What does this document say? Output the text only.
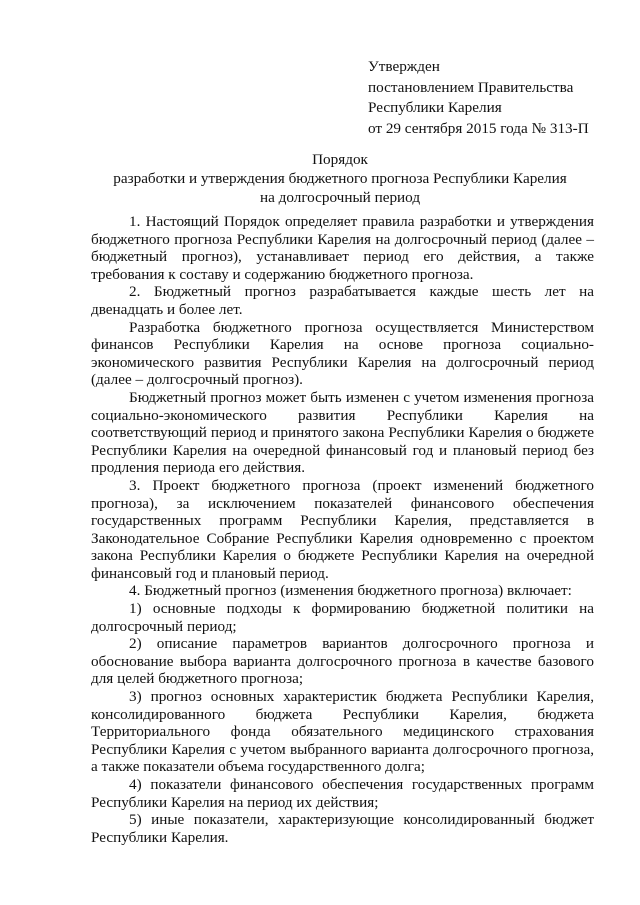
Утвержден
постановлением Правительства
Республики Карелия
от 29 сентября 2015 года № 313-П
Порядок
разработки и утверждения бюджетного прогноза Республики Карелия
на долгосрочный период

1. Настоящий Порядок определяет правила разработки и утверждения бюджетного прогноза Республики Карелия на долгосрочный период (далее – бюджетный прогноз), устанавливает период его действия, а также требования к составу и содержанию бюджетного прогноза.

2. Бюджетный прогноз разрабатывается каждые шесть лет на двенадцать и более лет.

Разработка бюджетного прогноза осуществляется Министерством финансов Республики Карелия на основе прогноза социально-экономического развития Республики Карелия на долгосрочный период (далее – долгосрочный прогноз).

Бюджетный прогноз может быть изменен с учетом изменения прогноза социально-экономического развития Республики Карелия на соответствующий период и принятого закона Республики Карелия о бюджете Республики Карелия на очередной финансовый год и плановый период без продления периода его действия.

3. Проект бюджетного прогноза (проект изменений бюджетного прогноза), за исключением показателей финансового обеспечения государственных программ Республики Карелия, представляется в Законодательное Собрание Республики Карелия одновременно с проектом закона Республики Карелия о бюджете Республики Карелия на очередной финансовый год и плановый период.

4. Бюджетный прогноз (изменения бюджетного прогноза) включает:

1) основные подходы к формированию бюджетной политики на долгосрочный период;

2) описание параметров вариантов долгосрочного прогноза и обоснование выбора варианта долгосрочного прогноза в качестве базового для целей бюджетного прогноза;

3) прогноз основных характеристик бюджета Республики Карелия, консолидированного бюджета Республики Карелия, бюджета Территориального фонда обязательного медицинского страхования Республики Карелия с учетом выбранного варианта долгосрочного прогноза, а также показатели объема государственного долга;

4) показатели финансового обеспечения государственных программ Республики Карелия на период их действия;

5) иные показатели, характеризующие консолидированный бюджет Республики Карелия.
